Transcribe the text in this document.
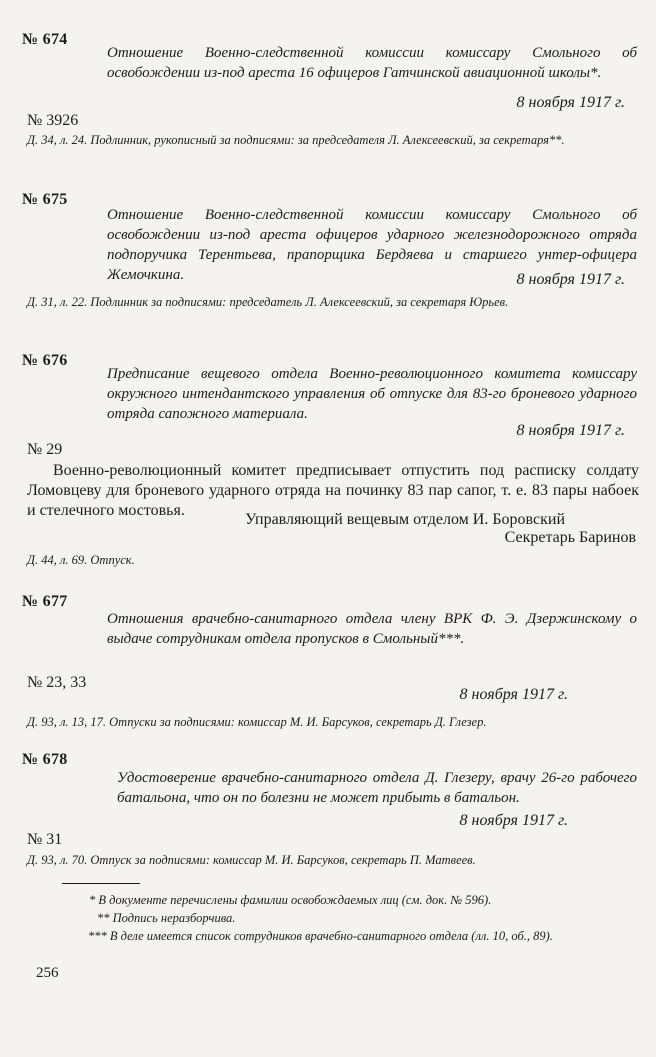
№ 674
Отношение Военно-следственной комиссии комиссару Смольного об освобождении из-под ареста 16 офицеров Гатчинской авиационной школы*.
8 ноября 1917 г.
№ 3926
Д. 34, л. 24. Подлинник, рукописный за подписями: за председателя Л. Алексеевский, за секретаря**.
№ 675
Отношение Военно-следственной комиссии комиссару Смольного об освобождении из-под ареста офицеров ударного железнодорожного отряда подпоручика Терентьева, прапорщика Бердяева и старшего унтер-офицера Жемочкина.	8 ноября 1917 г.
Д. 31, л. 22. Подлинник за подписями: председатель Л. Алексеевский, за секретаря Юрьев.
№ 676
Предписание вещевого отдела Военно-революционного комитета комиссару окружного интендантского управления об отпуске для 83-го броневого ударного отряда сапожного материала.
8 ноября 1917 г.
№ 29
Военно-революционный комитет предписывает отпустить под расписку солдату Ломовцеву для броневого ударного отряда на починку 83 пар сапог, т. е. 83 пары набоек и стелечного мостовья.
Управляющий вещевым отделом И. Боровский
Секретарь Баринов
Д. 44, л. 69. Отпуск.
№ 677
Отношения врачебно-санитарного отдела члену ВРК Ф. Э. Дзержинскому о выдаче сотрудникам отдела пропусков в Смольный***.
№ 23, 33
8 ноября 1917 г.
Д. 93, л. 13, 17. Отпуски за подписями: комиссар М. И. Барсуков, секретарь Д. Глезер.
№ 678
Удостоверение врачебно-санитарного отдела Д. Глезеру, врачу 26-го рабочего батальона, что он по болезни не может прибыть в батальон.
8 ноября 1917 г.
№ 31
Д. 93, л. 70. Отпуск за подписями: комиссар М. И. Барсуков, секретарь П. Матвеев.
* В документе перечислены фамилии освобождаемых лиц (см. док. № 596).
** Подпись неразборчива.
*** В деле имеется список сотрудников врачебно-санитарного отдела (лл. 10, об., 89).
256
